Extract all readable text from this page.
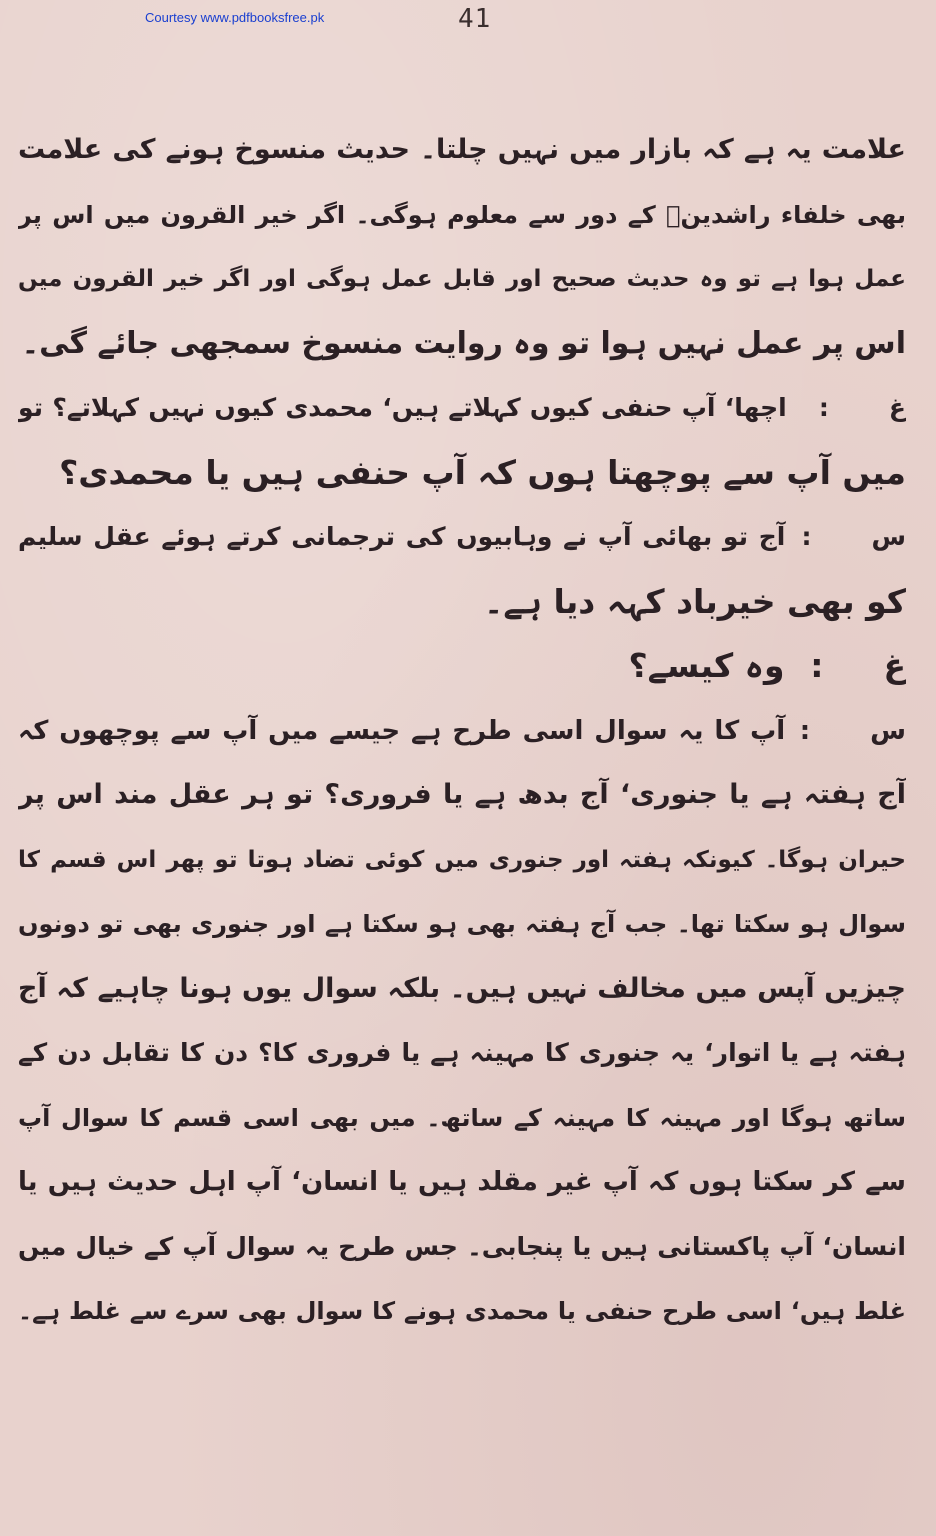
Courtesy www.pdfbooksfree.pk	41
علامت یہ ہے کہ بازار میں نہیں چلتا۔ حدیث منسوخ ہونے کی علامت
بھی خلفاء راشدینؓ کے دور سے معلوم ہوگی۔ اگر خیر القرون میں اس پر
عمل ہوا ہے تو وہ حدیث صحیح اور قابل عمل ہوگی اور اگر خیر القرون میں
اس پر عمل نہیں ہوا تو وہ روایت منسوخ سمجھی جائے گی۔
غ: اچھا‘ آپ حنفی کیوں کہلاتے ہیں‘ محمدی کیوں نہیں کہلاتے؟ تو
میں آپ سے پوچھتا ہوں کہ آپ حنفی ہیں یا محمدی؟
س: آج تو بھائی آپ نے وہابیوں کی ترجمانی کرتے ہوئے عقل سلیم
کو بھی خیرباد کہہ دیا ہے۔
غ: وہ کیسے؟
س: آپ کا یہ سوال اسی طرح ہے جیسے میں آپ سے پوچھوں کہ
آج ہفتہ ہے یا جنوری‘ آج بدھ ہے یا فروری؟ تو ہر عقل مند اس پر
حیران ہوگا۔ کیونکہ ہفتہ اور جنوری میں کوئی تضاد ہوتا تو پھر اس قسم کا
سوال ہو سکتا تھا۔ جب آج ہفتہ بھی ہو سکتا ہے اور جنوری بھی تو دونوں
چیزیں آپس میں مخالف نہیں ہیں۔ بلکہ سوال یوں ہونا چاہیے کہ آج
ہفتہ ہے یا اتوار‘ یہ جنوری کا مہینہ ہے یا فروری کا؟ دن کا تقابل دن کے
ساتھ ہوگا اور مہینہ کا مہینہ کے ساتھ۔ میں بھی اسی قسم کا سوال آپ
سے کر سکتا ہوں کہ آپ غیر مقلد ہیں یا انسان‘ آپ اہل حدیث ہیں یا
انسان‘ آپ پاکستانی ہیں یا پنجابی۔ جس طرح یہ سوال آپ کے خیال میں
غلط ہیں‘ اسی طرح حنفی یا محمدی ہونے کا سوال بھی سرے سے غلط ہے۔
